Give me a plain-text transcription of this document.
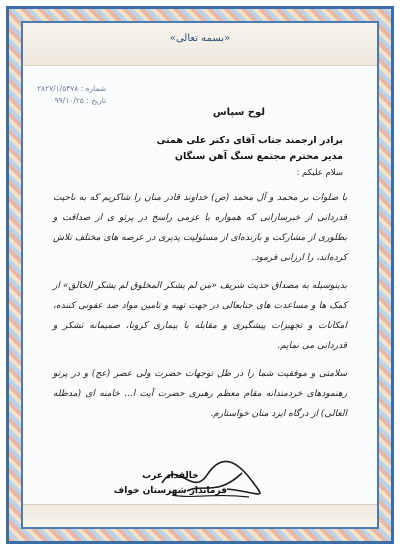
«بسمه تعالی»
شماره : ۲۸۲۷/۱/۵۴۷۸
تاریخ : ۹۹/۱۰/۲۵
لوح سپاس
برادر ارجمند جناب آقای دکتر علی همتی
مدیر محترم مجتمع سنگ آهن سنگان
سلام علیکم :

با صلوات بر محمد و آل محمد (ص) خداوند قادر منان را شاکریم که به ناحیت قدردانی از خبرسازانی که همواره با عزمی راسخ در پرتو ی از صداقت و بطلوری از مشارکت و بازنده‌ای از مسئولیت پذیری در عرصه های مختلف تلاش کرده‌اند، را ارزانی فرمود.

بدینوسیله به مصداق حدیث شریف «من لم یشکر المخلوق لم یشکر الخالق» از کمک ها و مساعدت های جنابعالی در جهت تهیه و تامین مواد ضد عفونی کننده، امکانات و تجهیزات پیشگیری و مقابله با بیماری کرونا، صمیمانه تشکر و قدردانی می نمایم.

سلامتی و موفقیت شما را در ظل توجهات حضرت ولی عصر (عج) و در پرتو رهنمودهای خردمندانه مقام معظم رهبری حضرت آیت ا... خامنه ای (مدظله العالی) از درگاه ایزد منان خواستارم.

خالقداد عرب
فرماندار شهرستان خواف
